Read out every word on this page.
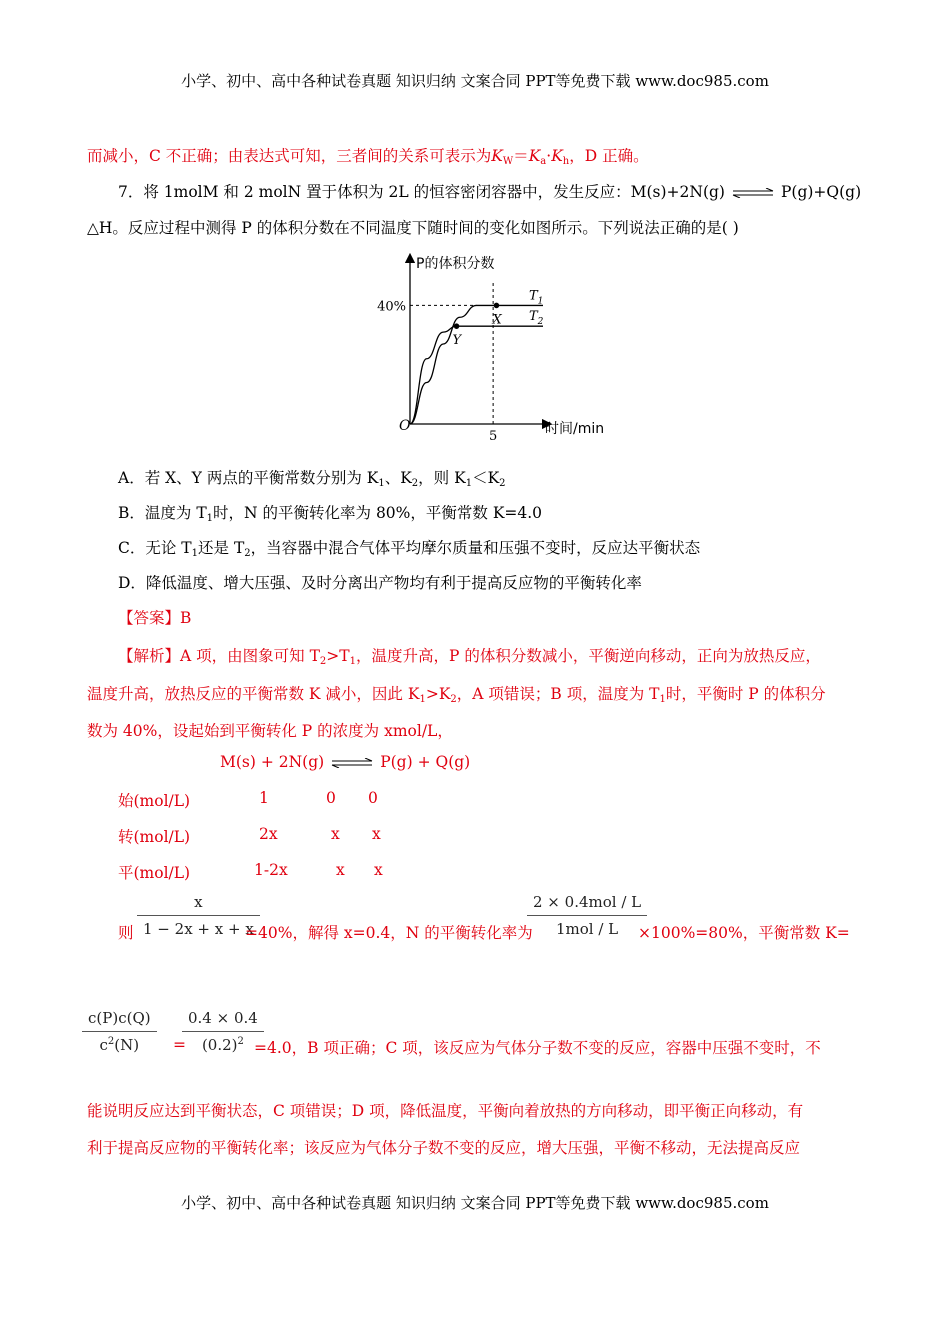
小学、初中、高中各种试卷真题 知识归纳 文案合同 PPT等免费下载 www.doc985.com
而减小，C 不正确；由表达式可知，三者间的关系可表示为$K_W=K_a\cdot K_h$，D 正确。
7．将 1molM 和 2 molN 置于体积为 2L 的恒容密闭容器中，发生反应：M(s)+2N(g) ⇌ P(g)+Q(g)
△H。反应过程中测得 P 的体积分数在不同温度下随时间的变化如图所示。下列说法正确的是( )
P的体积分数
时间/min
O
40%
5
$T_1$
$T_2$
X
Y
A．若 X、Y 两点的平衡常数分别为 $K_1$、$K_2$，则 $K_1<K_2$
B．温度为 $T_1$时，N 的平衡转化率为 80%，平衡常数 K=4.0
C．无论 $T_1$还是 $T_2$，当容器中混合气体平均摩尔质量和压强不变时，反应达平衡状态
D．降低温度、增大压强、及时分离出产物均有利于提高反应物的平衡转化率
【答案】B
【解析】A 项，由图象可知 $T_2>T_1$，温度升高，P 的体积分数减小，平衡逆向移动，正向为放热反应，
温度升高，放热反应的平衡常数 K 减小，因此 $K_1>K_2$，A 项错误；B 项，温度为 $T_1$时，平衡时 P 的体积分
数为 40%，设起始到平衡转化 P 的浓度为 xmol/L，
M(s) + 2N(g) ⇌ P(g) + Q(g)
始(mol/L)	1	0 0
转(mol/L)	2x	x x
平(mol/L)	1-2x	x x
则 $\frac{x}{1 - 2x + x + x}$
=40%，解得 x=0.4，N 的平衡转化率为
2 × 0.4mol / L
1mol / L	×100%=80%，平衡常数 K=
$\frac{c(P)c(Q)}{c^2(N)}$ =
$\frac{0.4 \times 0.4}{(0.2)^2}$
=4.0，B 项正确；C 项，该反应为气体分子数不变的反应，容器中压强不变时，不
能说明反应达到平衡状态，C 项错误；D 项，降低温度，平衡向着放热的方向移动，即平衡正向移动，有
利于提高反应物的平衡转化率；该反应为气体分子数不变的反应，增大压强，平衡不移动，无法提高反应
小学、初中、高中各种试卷真题 知识归纳 文案合同 PPT等免费下载 www.doc985.com
